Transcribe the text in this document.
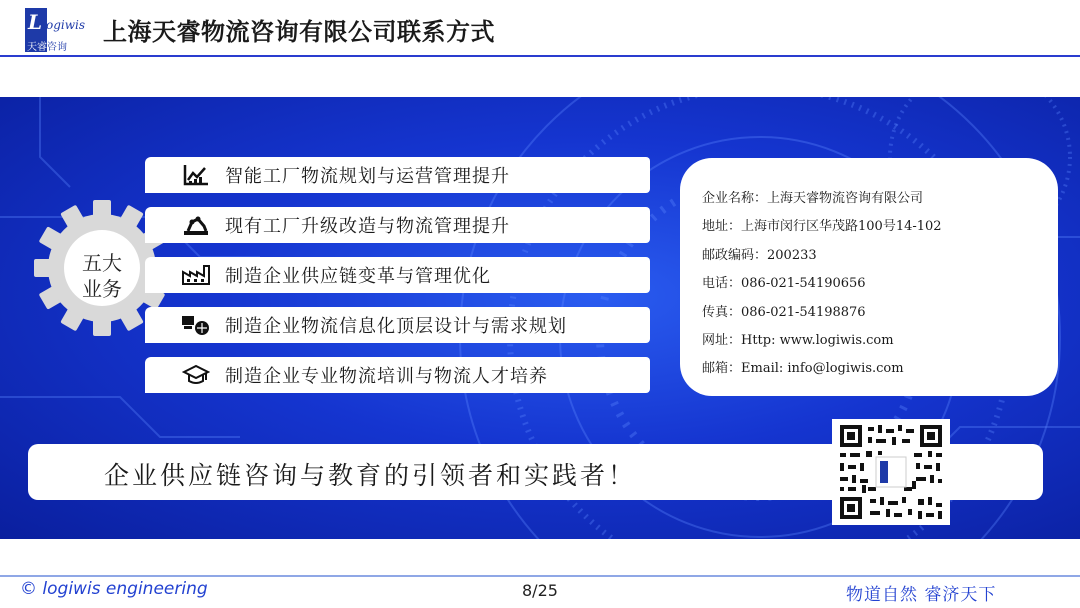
L ogiwis
天睿 咨询
上海天睿物流咨询有限公司联系方式
五大
业务
智能工厂物流规划与运营管理提升
现有工厂升级改造与物流管理提升
制造企业供应链变革与管理优化
制造企业物流信息化顶层设计与需求规划
制造企业专业物流培训与物流人才培养
企业名称：上海天睿物流咨询有限公司
地址：上海市闵行区华茂路100号14-102
邮政编码：200233
电话：086-021-54190656
传真：086-021-54198876
网址：Http: www.logiwis.com
邮箱：Email: info@logiwis.com
企业供应链咨询与教育的引领者和实践者！
© logiwis engineering	8/25	物道自然 睿济天下
